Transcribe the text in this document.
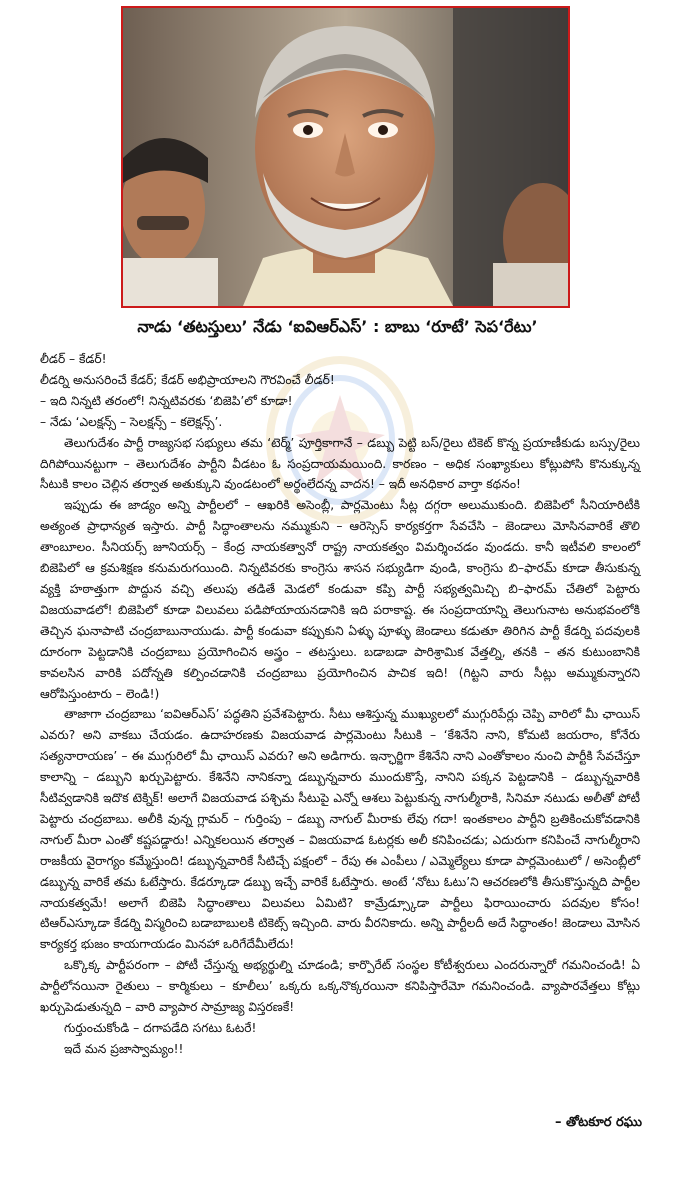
నాడు ‘తటస్తులు’ నేడు ‘ఐవిఆర్ఎస్’ : బాబు ‘రూటే’ సెప‘రేటు’

లీడర్ – కేడర్!

లీడర్ని అనుసరించే కేడర్; కేడర్ అభిప్రాయాలని గౌరవించే లీడర్!

– ఇది నిన్నటి తరంలో! నిన్నటివరకు ‘బిజెపి’లో కూడా!

– నేడు ‘ఎలక్షన్స్ – సెలక్షన్స్ – కలెక్షన్స్’.

తెలుగుదేశం పార్టీ రాజ్యసభ సభ్యులు తమ ‘టెర్మ్’ పూర్తికాగానే – డబ్బు పెట్టి బస్/రైలు టికెట్ కొన్న ప్రయాణీకుడు బస్సు/రైలు దిగిపోయినట్టుగా – తెలుగుదేశం పార్టీని వీడటం ఓ సంప్రదాయమయింది. కారణం – అధిక సంఖ్యాకులు కోట్లుపోసి కొనుక్కున్న సీటుకి కాలం చెల్లిన తర్వాత అతుక్కుని వుండటంలో అర్థంలేదన్న వాదన! – ఇదీ అనధికార వార్తా కథనం!

ఇప్పుడు ఈ జాడ్యం అన్ని పార్టీలలో – ఆఖరికి అసెంబ్లీ, పార్లమెంటు సీట్ల దగ్గరా అలుముకుంది. బిజెపిలో సీనియారిటీకి అత్యంత ప్రాధాన్యత ఇస్తారు. పార్టీ సిద్ధాంతాలను నమ్ముకుని – ఆరెస్సెస్ కార్యకర్తగా సేవచేసి – జెండాలు మోసినవారికే తొలి తాంబూలం. సీనియర్స్ జూనియర్స్ – కేంద్ర నాయకత్వానో రాష్ట్ర నాయకత్వం విమర్శించడం వుండదు. కానీ ఇటీవలి కాలంలో బిజెపిలో ఆ క్రమశిక్షణ కనుమరుగయింది. నిన్నటివరకు కాంగ్రెసు శాసన సభ్యుడిగా వుండి, కాంగ్రెసు బి–ఫారమ్ కూడా తీసుకున్న వ్యక్తి హఠాత్తుగా పొద్దున వచ్చి తలుపు తడితే మెడలో కండువా కప్పి పార్టీ సభ్యత్వమిచ్చి బి–ఫారమ్ చేతిలో పెట్టారు విజయవాడలో! బిజెపిలో కూడా విలువలు పడిపోయాయనడానికి ఇది పరాకాష్ట. ఈ సంప్రదాయాన్ని తెలుగునాట అనుభవంలోకి తెచ్చిన ఘనాపాటి చంద్రబాబునాయుడు. పార్టీ కండువా కప్పుకుని ఏళ్ళు పూళ్ళు జెండాలు కడుతూ తిరిగిన పార్టీ కేడర్ని పదవులకి దూరంగా పెట్టడానికి చంద్రబాబు ప్రయోగించిన అస్త్రం – తటస్తులు. బడాబడా పారిశ్రామిక వేత్తల్ని, తనకి – తన కుటుంబానికి కావలసిన వారికి పదోన్నతి కల్పించడానికి చంద్రబాబు ప్రయోగించిన పాచిక ఇది! (గిట్టని వారు సీట్లు అమ్ముకున్నారని ఆరోపిస్తుంటారు – లెండి!)

తాజాగా చంద్రబాబు ‘ఐవిఆర్ఎస్’ పద్ధతిని ప్రవేశపెట్టారు. సీటు ఆశిస్తున్న ముఖ్యులలో ముగ్గురిపేర్లు చెప్పి వారిలో మీ ఛాయిస్ ఎవరు? అని వాకబు చేయడం. ఉదాహరణకు విజయవాడ పార్లమెంటు సీటుకి – ‘కేశినేని నాని, కోమటి జయరాం, కోనేరు సత్యనారాయణ’ – ఈ ముగ్గురిలో మీ ఛాయిస్ ఎవరు? అని అడిగారు. ఇన్ఛార్జిగా కేశినేని నాని ఎంతోకాలం నుంచి పార్టీకి సేవచేస్తూ కాలాన్ని – డబ్బుని ఖర్చుపెట్టారు. కేశినేని నానికన్నా డబ్బున్నవారు ముందుకొస్తే, నానిని పక్కన పెట్టడానికి – డబ్బున్నవారికి సీటివ్వడానికి ఇదొక టెక్నిక్! అలాగే విజయవాడ పశ్చిమ సీటుపై ఎన్నో ఆశలు పెట్టుకున్న నాగుల్మీరాకి, సినిమా నటుడు అలీతో పోటీ పెట్టారు చంద్రబాబు. అలీకి వున్న గ్లామర్ – గుర్తింపు – డబ్బు నాగుల్ మీరాకు లేవు గదా! ఇంతకాలం పార్టీని బ్రతికించుకోవడానికి నాగుల్ మీరా ఎంతో కష్టపడ్డారు! ఎన్నికలయిన తర్వాత – విజయవాడ ఓటర్లకు అలీ కనిపించడు; ఎదురుగా కనిపించే నాగుల్మీరాని రాజకీయ వైరాగ్యం కమ్మేస్తుంది! డబ్బున్నవారికే సీటిచ్చే పక్షంలో – రేపు ఈ ఎంపీలు / ఎమ్మెల్యేలు కూడా పార్లమెంటులో / అసెంబ్లీలో డబ్బున్న వారికే తమ ఓటేస్తారు. కేడర్కూడా డబ్బు ఇచ్చే వారికే ఓటేస్తారు. అంటే ‘నోటు ఓటు’ని ఆచరణలోకి తీసుకొస్తున్నది పార్టీల నాయకత్వమే! అలాగే బిజెపి సిద్ధాంతాలు విలువలు ఏమిటి? కామ్రేడ్స్కూడా పార్టీలు ఫిరాయించారు పదవుల కోసం! టిఆర్ఎస్కూడా కేడర్ని విస్మరించి బడాబాబులకి టికెట్స్ ఇచ్చింది. వారు వీరనికాదు. అన్ని పార్టీలదీ అదే సిద్ధాంతం! జెండాలు మోసిన కార్యకర్త భుజం కాయగాయడం మినహా ఒరిగేదేమీలేదు!

ఒక్కొక్క పార్టీపరంగా – పోటీ చేస్తున్న అభ్యర్థుల్ని చూడండి; కార్పొరేట్ సంస్థల కోటీశ్వరులు ఎందరున్నారో గమనించండి! ఏ పార్టీలోనయినా రైతులు – కార్మికులు – కూలీలు’ ఒక్కరు ఒక్కనొక్కరయినా కనిపిస్తారేమో గమనించండి. వ్యాపారవేత్తలు కోట్లు ఖర్చుపెడుతున్నది – వారి వ్యాపార సామ్రాజ్య విస్తరణకే!

గుర్తుంచుకోండి – దగాపడేది సగటు ఓటరే!

ఇదే మన ప్రజాస్వామ్యం!!

– తోటకూర రఘు
